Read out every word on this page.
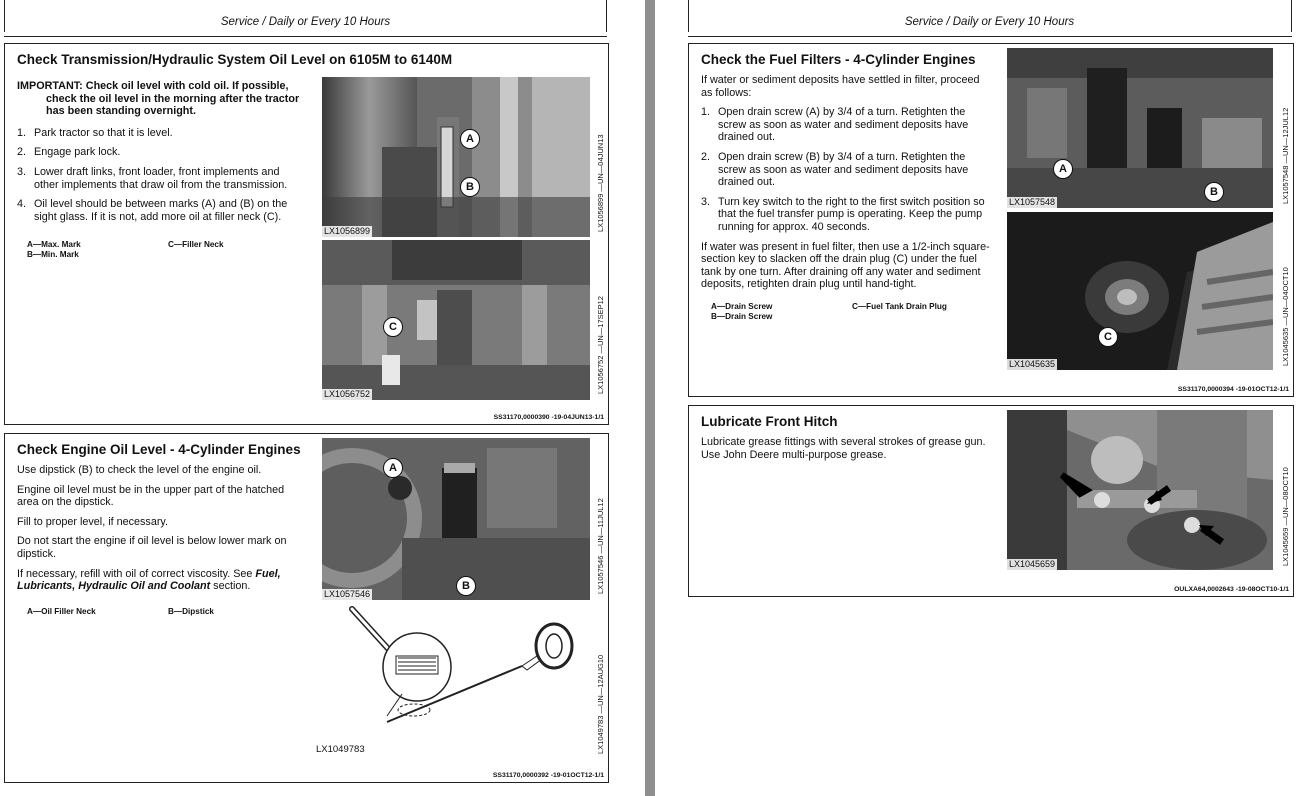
Service / Daily or Every 10 Hours
Check Transmission/Hydraulic System Oil Level on 6105M to 6140M

IMPORTANT: Check oil level with cold oil. If possible, check the oil level in the morning after the tractor has been standing overnight.

1. Park tractor so that it is level.
2. Engage park lock.
3. Lower draft links, front loader, front implements and other implements that draw oil from the transmission.
4. Oil level should be between marks (A) and (B) on the sight glass. If it is not, add more oil at filler neck (C).
A—Max. Mark
B—Min. Mark
C—Filler Neck
A
B
LX1056899	LX1056899 —UN—04JUN13
C
LX1056752	LX1056752 —UN—17SEP12
SS31170,0000390 -19-04JUN13-1/1
Check Engine Oil Level - 4-Cylinder Engines

Use dipstick (B) to check the level of the engine oil.

Engine oil level must be in the upper part of the hatched area on the dipstick.

Fill to proper level, if necessary.

Do not start the engine if oil level is below lower mark on dipstick.

If necessary, refill with oil of correct viscosity. See Fuel, Lubricants, Hydraulic Oil and Coolant section.

A—Oil Filler Neck	B—Dipstick
A
B
LX1057546	LX1057546 —UN—11JUL12
LX1049783	LX1049783 —UN—12AUG10
SS31170,0000392 -19-01OCT12-1/1
Service / Daily or Every 10 Hours
Check the Fuel Filters - 4-Cylinder Engines

If water or sediment deposits have settled in filter, proceed as follows:

1. Open drain screw (A) by 3/4 of a turn. Retighten the screw as soon as water and sediment deposits have drained out.
2. Open drain screw (B) by 3/4 of a turn. Retighten the screw as soon as water and sediment deposits have drained out.
3. Turn key switch to the right to the first switch position so that the fuel transfer pump is operating. Keep the pump running for approx. 40 seconds.

If water was present in fuel filter, then use a 1/2-inch square-section key to slacken off the drain plug (C) under the fuel tank by one turn. After draining off any water and sediment deposits, retighten drain plug until hand-tight.

A—Drain Screw
B—Drain Screw
C—Fuel Tank Drain Plug
A
B
LX1057548	LX1057548 —UN—12JUL12
C
LX1045635	LX1045635 —UN—04OCT10
SS31170,0000394 -19-01OCT12-1/1
Lubricate Front Hitch

Lubricate grease fittings with several strokes of grease gun. Use John Deere multi-purpose grease.

LX1045659	LX1045659 —UN—08OCT10
OULXA64,0002643 -19-08OCT10-1/1
